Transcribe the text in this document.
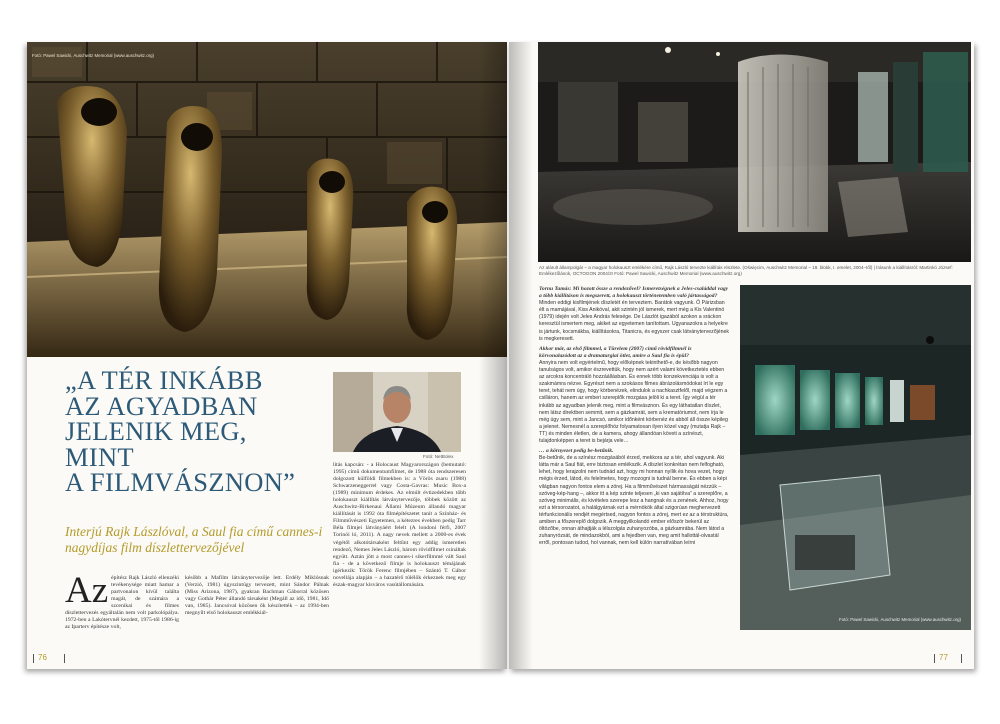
Fotó: Pawel Sawicki, Auschwitz Memorial (www.auschwitz.org)
„A TÉR INKÁBB
AZ AGYADBAN
JELENIK MEG,
MINT
A FILMVÁSZNON”
Fotó: NetBolex
Interjú Rajk Lászlóval, a Saul fia című cannes-i nagydíjas film díszlettervezőjével
Az építész Rajk László ellenzéki tevékenysége miatt hamar a partvonalon kívül találta magát, de számára a szcenikai és filmes díszlettervezés egyáltalán nem volt parkolópálya. 1972-ben a Lakótervnél kezdett, 1975-től 1986-ig az Iparterv építésze volt,
később a Mafilm látványtervezője lett. Erdély Miklósnak (Verzió, 1981) úgyszintúgy tervezett, mint Sándor Pálnak (Miss Arizona, 1987), gyakran Bachman Gáborral közösen vagy Gothár Péter állandó társaként (Megáll az idő, 1981, Idő van, 1985). Jancsóval közösen ők készítették – az 1994-ben megnyílt első holokauszt emlékkiál-
lítás kapcsán: - a Holocaust Magyarországon (bemutató: 1995) című dokumentumfilmet, de 1988 óta rendszeresen dolgozott külföldi filmekben is: a Vörös zsaru (1988) Schwarzeneggerrel vagy Costa-Gavras: Music Box-a (1989) minimum érdekes. Az elmúlt évtizedekben több holokauszt kiállítás látványtervezője, többek között az Auschwitz-Birkenaui Állami Múzeum állandó magyar kiállítását is 1992 óta filmépítészetet tanít a Színház- és Filmművészeti Egyetemen, a kétezres években pedig Tarr Béla filmjei látványáért felelt (A londoni férfi, 2007 Torinói ló, 2011). A nagy nevek mellett a 2000-es évek végétől alkotótársaként feltűnt egy addig ismeretlen rendező, Nemes Jeles László, három rövidfilmet csináltak együtt. Aztán jött a most cannes-i sikerfilmmé vált Saul fia - de a következő filmje is holokauszt témájának igérkezik: Török Ferenc filmjében – Szántó T. Gábor novellája alapján – a hazatérő túlélők érkeznek meg egy észak-magyar kisváros vasútállomására.
76
Az alárult állampolgár – a magyar holokauszt emlékére című, Rajk László tervezte kiállítás részlete. (Oświęcim, Auschwitz Memorial – 18. blokk, I. emelet, 2004–től) | Írásunk a kiállításról: Martinkó József: Emlékezőlánok, OCTOGON 2004/3! Fotó: Pawel Sawicki, Auschwitz Memorial (www.auschwitz.org)

Tornu Tamás: Mi hozott össze a rendezővel? Ismeretségnek a Jeles-családdal vagy a több kiállításon is megszerett, a holokauszt történetemben való jártasságod?

Minden eddigi kisfilmjének díszletét én terveztem. Barátok vagyunk. Ő Párizsban élt a mamájával, Kiss Anikóval, akit szintén jól ismerek, mert még a Kis Valentinó (1979) idején volt Jeles András felesége. De Lászlót igazából azokon a sráckon keresztül ismertem meg, akiket az egyetemen tanítottam. Ugyanazokra a helyekre is jártunk, kocsmákba, kiállításokra, Titanicra, és egyszer csak látványtervezőjének is megkeresett.

Akkor már, az első filmmel, a Türelem (2007) című rövidfilmnél is körvonalazódott az a dramaturgiai ötlet, amire a Saul fia is épül?

Annyira nem volt egyértelmű, hogy előképnek tekinthető-e, de később nagyon tanulságos volt, amikor észrevettük, hogy nem azért valami következtetés ebben az arcokra koncentráló hozzáállásban. És ennek több konzekvenciája is volt a szakmámra nézve. Egyrészt nem a szokásos filmes ábrázolásmódokat írt le egy teret, tehát nem úgy, hogy körbenézek, elindulok a nachkasztfelől, majd végzem a csilláron, hanem az emberi szereplők mozgása jelöli ki a teret. Így végül a tér inkább az agyadban jelenik meg, mint a filmvásznon. És egy láthatatlan díszlet, nem látsz direktben semmit, sem a gázkamrát, sem a krematóriumot, nem írja le még úgy sem, mint a Jancsó, amikor időnként körbenéz és abból áll össze képileg a jelenet. Nemesnél a szereplőhöz folyamatosan ilyen közel vagy (mutatja Rajk – TT) és minden életlen, de a kamera, ahogy állandóan követi a színészt, tulajdonképpen a teret is bejárja vele…

… a környezet pedig be-betűnik.

Be-betűnik, de a színész mozgásából érzed, mekkora az a tér, ahol vagyunk. Aki látta már a Saul fiát, erre biztosan emlékszik. A díszlet konkrétan nem felfogható, lehet, hogy lerajzolni nem tudnád azt, hogy mi honnan nyílik és hova vezet, hogy mégis érzed, látod, és felelmetes, hogy mozogni is tudnál benne. És ebben a képi világban nagyon fontos elem a zörej. Ha a filmművészet hármasságát nézzük – szöveg-kép-hang –, akkor itt a kép szinte teljesen „ki van sajátítva” a szereplőre, a szöveg minimális, és kivételes szerepe lesz a hangnak és a zenének. Ahhoz, hogy ezt a térsorozatot, a halálgyárnak ezt a mérnökök által szigorúan meghervezett térfunkcionális rendjét megértsed, nagyon fontos a zörej, mert ez az a térstruktúra, amiben a főszereplő dolgozik. A meggyilkolandó ember először bekerül az öltözőbe, onnan áthajtják a lélszolgás zuhanyozóba, a gázkamrába. Nem látod a zuhanyrózsát, de mindazokból, ami a fejedben van, meg amit hallottál-olvastál erről, pontosan tudod, hol vannak, nem kell külön narratívában leírni

Fotó: Pawel Sawicki, Auschwitz Memorial (www.auschwitz.org)
77
